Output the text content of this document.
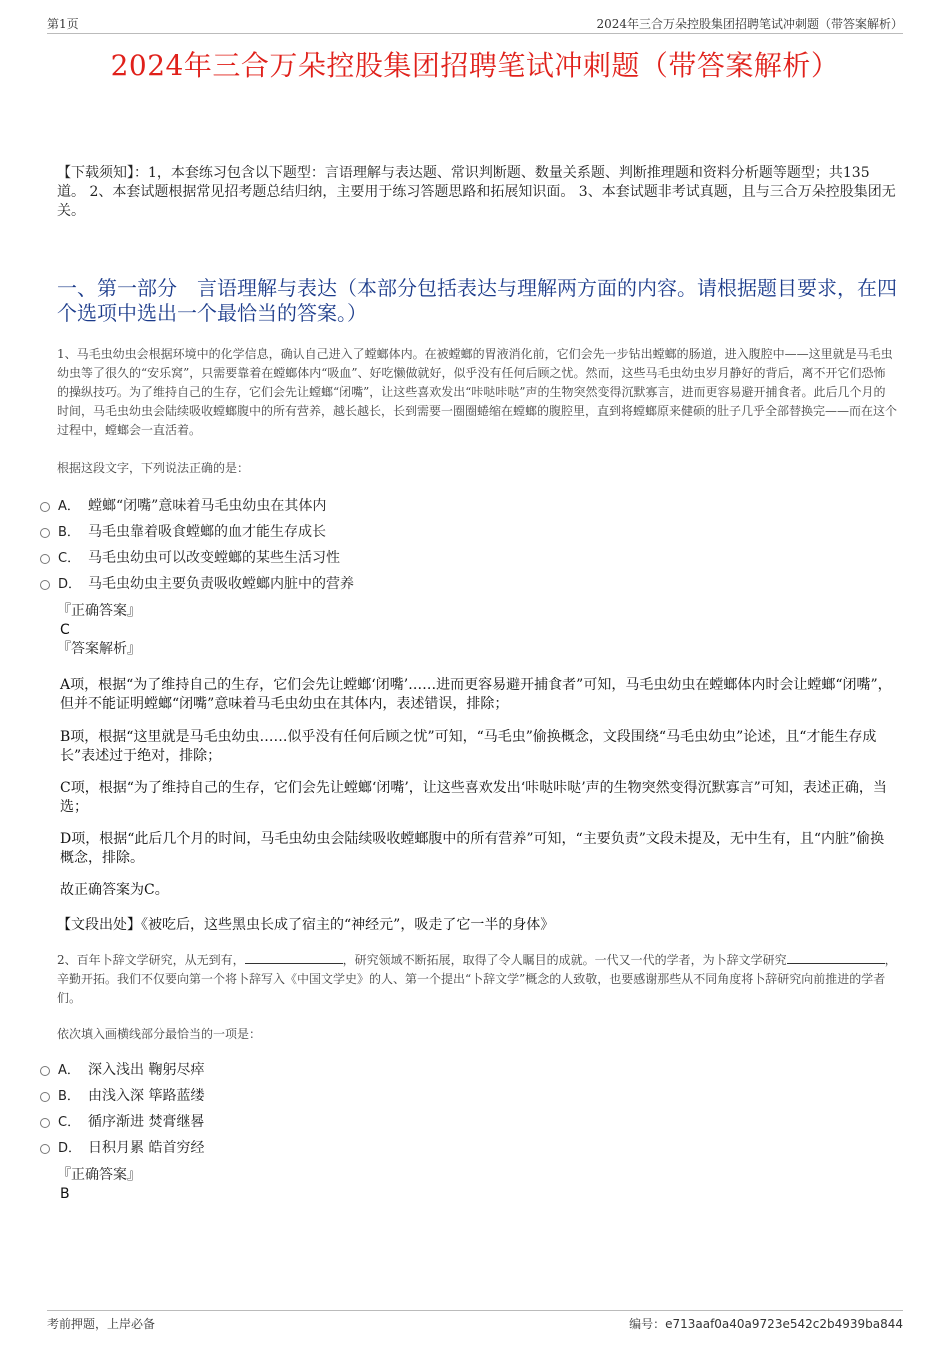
第1页	2024年三合万朵控股集团招聘笔试冲刺题（带答案解析）
2024年三合万朵控股集团招聘笔试冲刺题（带答案解析）

【下载须知】：1，本套练习包含以下题型：言语理解与表达题、常识判断题、数量关系题、判断推理题和资料分析题等题型；共135道。 2、本套试题根据常见招考题总结归纳，主要用于练习答题思路和拓展知识面。 3、本套试题非考试真题，且与三合万朵控股集团无关。

一、第一部分　言语理解与表达（本部分包括表达与理解两方面的内容。请根据题目要求，在四个选项中选出一个最恰当的答案。）

1、马毛虫幼虫会根据环境中的化学信息，确认自己进入了螳螂体内。在被螳螂的胃液消化前，它们会先一步钻出螳螂的肠道，进入腹腔中——这里就是马毛虫幼虫等了很久的“安乐窝”，只需要靠着在螳螂体内“吸血”、好吃懒做就好，似乎没有任何后顾之忧。然而，这些马毛虫幼虫岁月静好的背后，离不开它们恐怖的操纵技巧。为了维持自己的生存，它们会先让螳螂“闭嘴”，让这些喜欢发出“咔哒咔哒”声的生物突然变得沉默寡言，进而更容易避开捕食者。此后几个月的时间，马毛虫幼虫会陆续吸收螳螂腹中的所有营养，越长越长，长到需要一圈圈蜷缩在螳螂的腹腔里，直到将螳螂原来健硕的肚子几乎全部替换完——而在这个过程中，螳螂会一直活着。

根据这段文字，下列说法正确的是：

A． 螳螂“闭嘴”意味着马毛虫幼虫在其体内
B． 马毛虫靠着吸食螳螂的血才能生存成长
C． 马毛虫幼虫可以改变螳螂的某些生活习性
D． 马毛虫幼虫主要负责吸收螳螂内脏中的营养

『正确答案』

C

『答案解析』

A项，根据“为了维持自己的生存，它们会先让螳螂‘闭嘴’……进而更容易避开捕食者”可知，马毛虫幼虫在螳螂体内时会让螳螂“闭嘴”，但并不能证明螳螂“闭嘴”意味着马毛虫幼虫在其体内，表述错误，排除；

B项，根据“这里就是马毛虫幼虫……似乎没有任何后顾之忧”可知，“马毛虫”偷换概念，文段围绕“马毛虫幼虫”论述，且“才能生存成长”表述过于绝对，排除；

C项，根据“为了维持自己的生存，它们会先让螳螂‘闭嘴’，让这些喜欢发出‘咔哒咔哒’声的生物突然变得沉默寡言”可知，表述正确，当选；

D项，根据“此后几个月的时间，马毛虫幼虫会陆续吸收螳螂腹中的所有营养”可知，“主要负责”文段未提及，无中生有，且“内脏”偷换概念，排除。

故正确答案为C。

【文段出处】《被吃后，这些黑虫长成了宿主的“神经元”，吸走了它一半的身体》

2、百年卜辞文学研究，从无到有，	，研究领域不断拓展，取得了令人瞩目的成就。一代又一代的学者，为卜辞文学研究	，辛勤开拓。我们不仅要向第一个将卜辞写入《中国文学史》的人、第一个提出“卜辞文学”概念的人致敬，也要感谢那些从不同角度将卜辞研究向前推进的学者们。

依次填入画横线部分最恰当的一项是：

A． 深入浅出 鞠躬尽瘁
B． 由浅入深 筚路蓝缕
C． 循序渐进 焚膏继晷
D． 日积月累 皓首穷经

『正确答案』

B

考前押题，上岸必备	编号：e713aaf0a40a9723e542c2b4939ba844
